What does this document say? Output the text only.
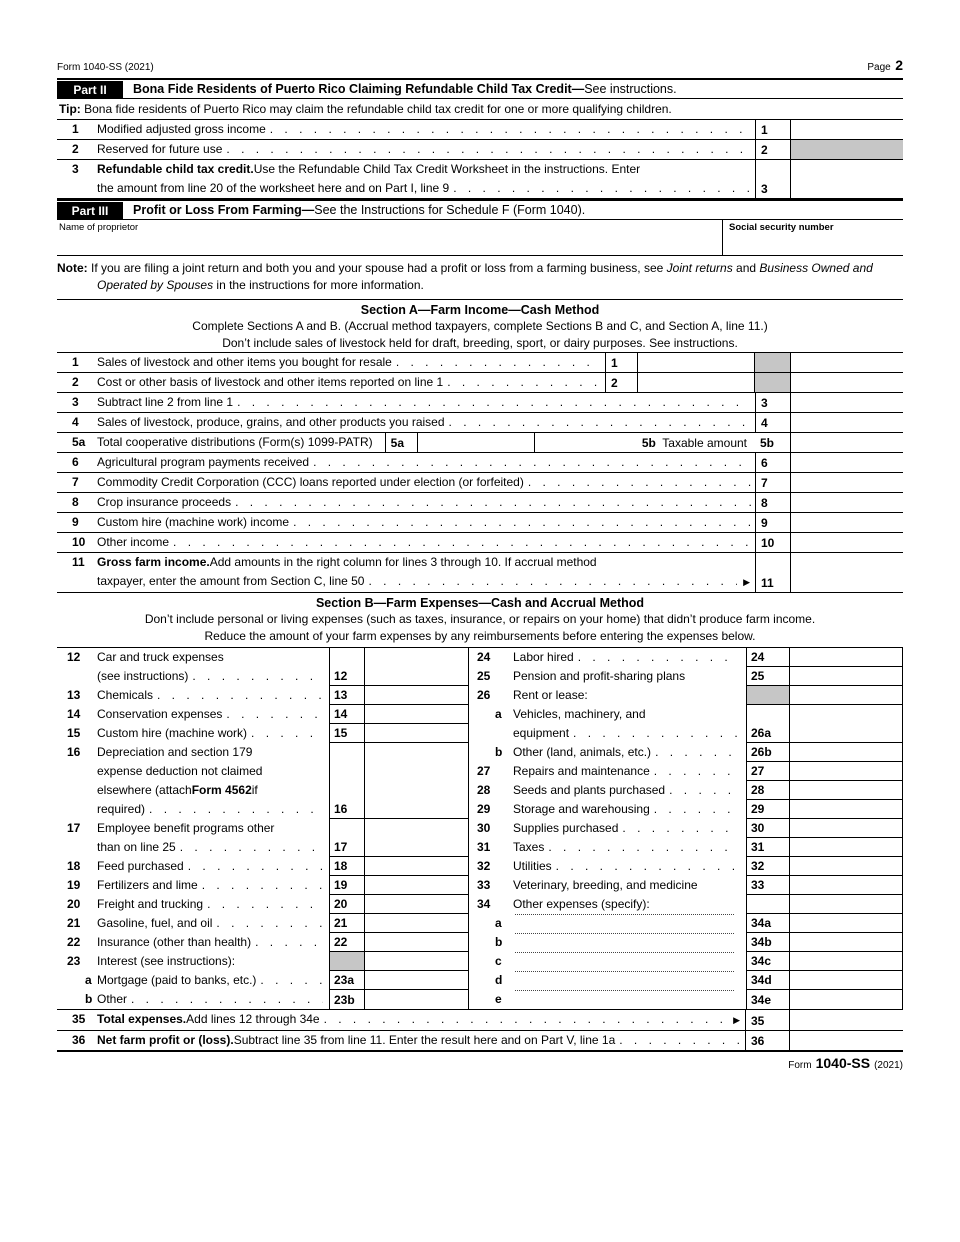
Form 1040-SS (2021)	Page 2
Part II	Bona Fide Residents of Puerto Rico Claiming Refundable Child Tax Credit—See instructions.
Tip: Bona fide residents of Puerto Rico may claim the refundable child tax credit for one or more qualifying children.
1	Modified adjusted gross income . . .	1
2	Reserved for future use . . .	2
3	Refundable child tax credit. Use the Refundable Child Tax Credit Worksheet in the instructions. Enter
the amount from line 20 of the worksheet here and on Part I, line 9 . . .	3
Part III	Profit or Loss From Farming—See the Instructions for Schedule F (Form 1040).
Name of proprietor	Social security number
Note: If you are filing a joint return and both you and your spouse had a profit or loss from a farming business, see Joint returns and Business Owned and Operated by Spouses in the instructions for more information.
Section A—Farm Income—Cash Method
Complete Sections A and B. (Accrual method taxpayers, complete Sections B and C, and Section A, line 11.)
Don’t include sales of livestock held for draft, breeding, sport, or dairy purposes. See instructions.
1	Sales of livestock and other items you bought for resale . . .	1
2	Cost or other basis of livestock and other items reported on line 1 . . .	2
3	Subtract line 2 from line 1 . . .	3
4	Sales of livestock, produce, grains, and other products you raised . . .	4
5a Total cooperative distributions (Form(s) 1099-PATR)	5a	5b Taxable amount	5b
6	Agricultural program payments received . . .	6
7	Commodity Credit Corporation (CCC) loans reported under election (or forfeited) . . .	7
8	Crop insurance proceeds . . .	8
9	Custom hire (machine work) income . . .	9
10 Other income . . .	10
11	Gross farm income. Add amounts in the right column for lines 3 through 10. If accrual method
taxpayer, enter the amount from Section C, line 50 . . .	▶ 11
Section B—Farm Expenses—Cash and Accrual Method
Don’t include personal or living expenses (such as taxes, insurance, or repairs on your home) that didn’t produce farm income.
Reduce the amount of your farm expenses by any reimbursements before entering the expenses below.
12	Car and truck expenses
(see instructions) . . .	12
13	Chemicals . . .	13
14	Conservation expenses . . .	14
15	Custom hire (machine work) . . .	15
16	Depreciation and section 179
expense deduction not claimed
elsewhere (attach Form 4562 if
required) . . .	16
17	Employee benefit programs other
than on line 25 . . .	17
18	Feed purchased . . .	18
19	Fertilizers and lime . . .	19
20	Freight and trucking . . .	20
21	Gasoline, fuel, and oil . . .	21
22	Insurance (other than health) . . .	22
23	Interest (see instructions):
a Mortgage (paid to banks, etc.) . . .	23a
b Other . . .	23b
24	Labor hired . . .	24
25	Pension and profit-sharing plans	25
26	Rent or lease:
a Vehicles, machinery, and
equipment . . .	26a
b Other (land, animals, etc.) . . .	26b
27	Repairs and maintenance . . .	27
28	Seeds and plants purchased . . .	28
29	Storage and warehousing . . .	29
30	Supplies purchased . . .	30
31	Taxes . . .	31
32	Utilities . . .	32
33	Veterinary, breeding, and medicine	33
34	Other expenses (specify):
a	34a
b	34b
c	34c
d	34d
e	34e
35 Total expenses. Add lines 12 through 34e . . .	▶ 35
36 Net farm profit or (loss). Subtract line 35 from line 11. Enter the result here and on Part V, line 1a . . .	36
Form 1040-SS (2021)
